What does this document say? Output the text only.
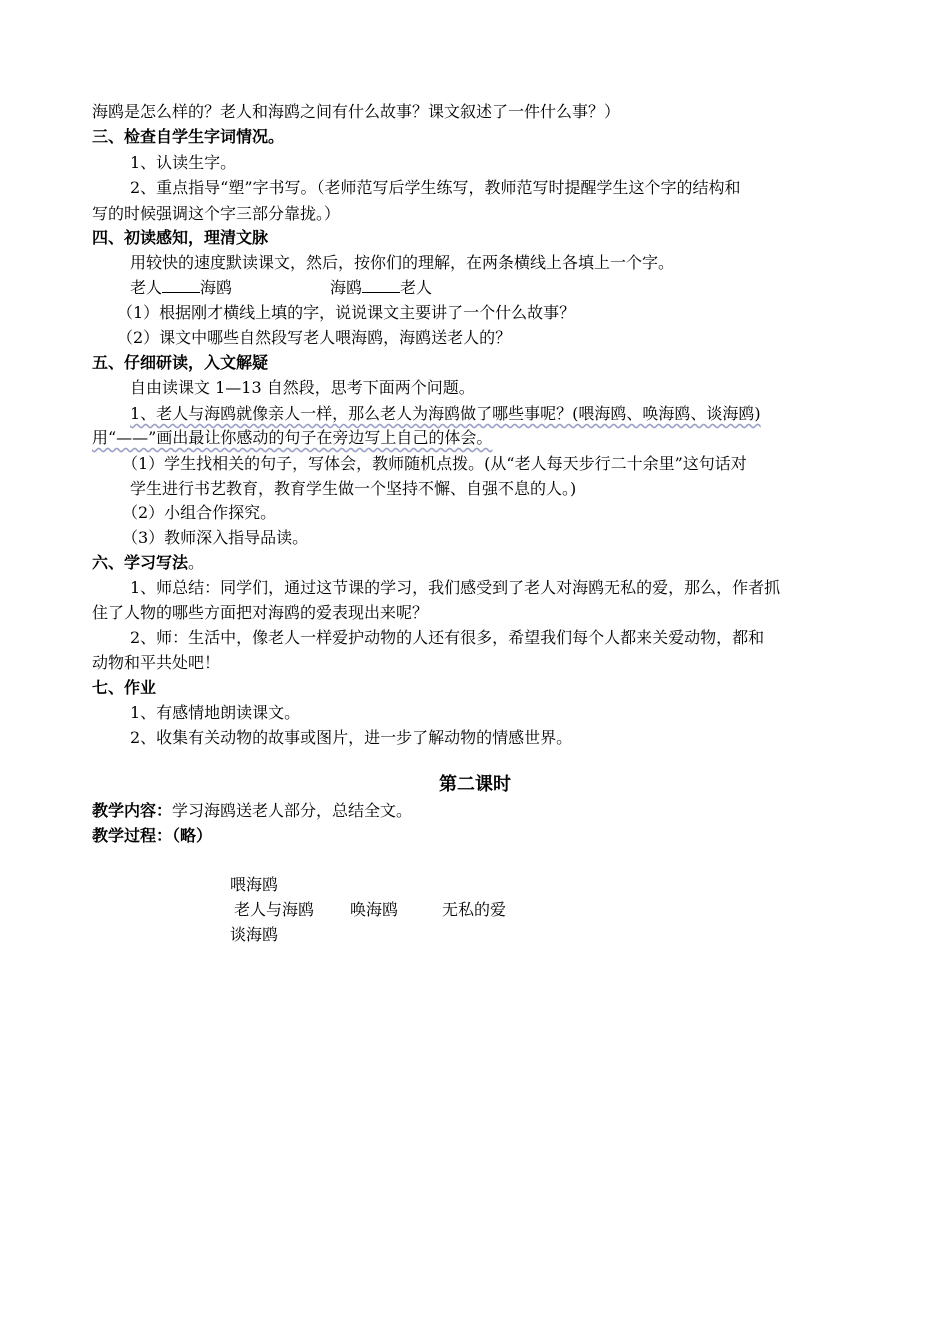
海鸥是怎么样的？老人和海鸥之间有什么故事？课文叙述了一件什么事？）
三、检查自学生字词情况。
1、认读生字。
2、重点指导“塑”字书写。（老师范写后学生练写，教师范写时提醒学生这个字的结构和
写的时候强调这个字三部分靠拢。）
四、初读感知，理清文脉
用较快的速度默读课文，然后，按你们的理解，在两条横线上各填上一个字。
老人 海鸥	海鸥 老人
（1）根据刚才横线上填的字，说说课文主要讲了一个什么故事？
（2）课文中哪些自然段写老人喂海鸥，海鸥送老人的？
五、仔细研读，入文解疑
自由读课文 1—13 自然段，思考下面两个问题。
1、老人与海鸥就像亲人一样，那么老人为海鸥做了哪些事呢？(喂海鸥、唤海鸥、谈海鸥)
用“——”画出最让你感动的句子在旁边写上自己的体会。
（1）学生找相关的句子，写体会，教师随机点拨。(从“老人每天步行二十余里”这句话对
学生进行书艺教育，教育学生做一个坚持不懈、自强不息的人。)
（2）小组合作探究。
（3）教师深入指导品读。
六、学习写法。
1、师总结：同学们，通过这节课的学习，我们感受到了老人对海鸥无私的爱，那么，作者抓
住了人物的哪些方面把对海鸥的爱表现出来呢？
2、师：生活中，像老人一样爱护动物的人还有很多，希望我们每个人都来关爱动物，都和
动物和平共处吧！
七、作业
1、有感情地朗读课文。
2、收集有关动物的故事或图片，进一步了解动物的情感世界。
第二课时
教学内容：学习海鸥送老人部分，总结全文。
教学过程：（略）
喂海鸥
老人与海鸥 唤海鸥	无私的爱
谈海鸥
